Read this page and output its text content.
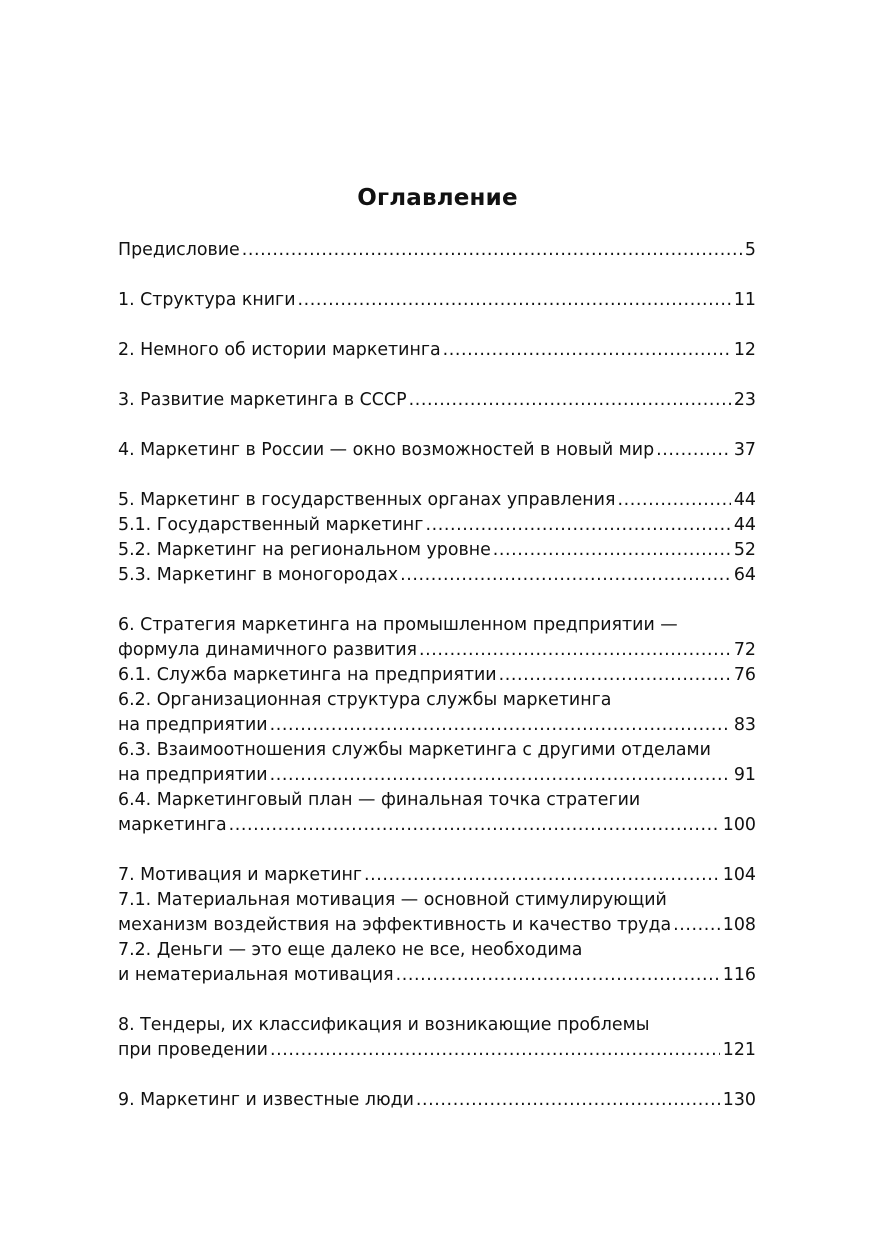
Оглавление
Предисловие .....	5
1. Структура книги .....	11
2. Немного об истории маркетинга .....	12
3. Развитие маркетинга в СССР .....	23
4. Маркетинг в России — окно возможностей в новый мир .....	37
5. Маркетинг в государственных органах управления .....	44
5.1. Государственный маркетинг .....	44
5.2. Маркетинг на региональном уровне .....	52
5.3. Маркетинг в моногородах .....	64
6. Стратегия маркетинга на промышленном предприятии —
формула динамичного развития .....	72
6.1. Служба маркетинга на предприятии .....	76
6.2. Организационная структура службы маркетинга
на предприятии .....	83
6.3. Взаимоотношения службы маркетинга с другими отделами
на предприятии .....	91
6.4. Маркетинговый план — финальная точка стратегии
маркетинга .....	100
7. Мотивация и маркетинг .....	104
7.1. Материальная мотивация — основной стимулирующий
механизм воздействия на эффективность и качество труда .....	108
7.2. Деньги — это еще далеко не все, необходима
и нематериальная мотивация .....	116
8. Тендеры, их классификация и возникающие проблемы
при проведении .....	121
9. Маркетинг и известные люди .....	130
